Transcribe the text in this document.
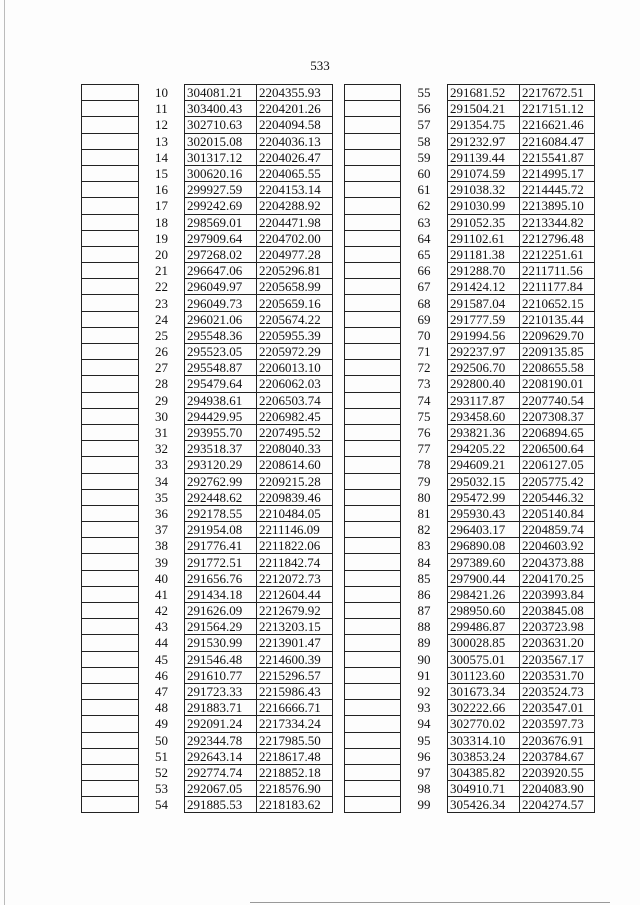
533
	10	304081.21	2204355.93
	11	303400.43	2204201.26
	12	302710.63	2204094.58
	13	302015.08	2204036.13
	14	301317.12	2204026.47
	15	300620.16	2204065.55
	16	299927.59	2204153.14
	17	299242.69	2204288.92
	18	298569.01	2204471.98
	19	297909.64	2204702.00
	20	297268.02	2204977.28
	21	296647.06	2205296.81
	22	296049.97	2205658.99
	23	296049.73	2205659.16
	24	296021.06	2205674.22
	25	295548.36	2205955.39
	26	295523.05	2205972.29
	27	295548.87	2206013.10
	28	295479.64	2206062.03
	29	294938.61	2206503.74
	30	294429.95	2206982.45
	31	293955.70	2207495.52
	32	293518.37	2208040.33
	33	293120.29	2208614.60
	34	292762.99	2209215.28
	35	292448.62	2209839.46
	36	292178.55	2210484.05
	37	291954.08	2211146.09
	38	291776.41	2211822.06
	39	291772.51	2211842.74
	40	291656.76	2212072.73
	41	291434.18	2212604.44
	42	291626.09	2212679.92
	43	291564.29	2213203.15
	44	291530.99	2213901.47
	45	291546.48	2214600.39
	46	291610.77	2215296.57
	47	291723.33	2215986.43
	48	291883.71	2216666.71
	49	292091.24	2217334.24
	50	292344.78	2217985.50
	51	292643.14	2218617.48
	52	292774.74	2218852.18
	53	292067.05	2218576.90
	54	291885.53	2218183.62
	55	291681.52	2217672.51
	56	291504.21	2217151.12
	57	291354.75	2216621.46
	58	291232.97	2216084.47
	59	291139.44	2215541.87
	60	291074.59	2214995.17
	61	291038.32	2214445.72
	62	291030.99	2213895.10
	63	291052.35	2213344.82
	64	291102.61	2212796.48
	65	291181.38	2212251.61
	66	291288.70	2211711.56
	67	291424.12	2211177.84
	68	291587.04	2210652.15
	69	291777.59	2210135.44
	70	291994.56	2209629.70
	71	292237.97	2209135.85
	72	292506.70	2208655.58
	73	292800.40	2208190.01
	74	293117.87	2207740.54
	75	293458.60	2207308.37
	76	293821.36	2206894.65
	77	294205.22	2206500.64
	78	294609.21	2206127.05
	79	295032.15	2205775.42
	80	295472.99	2205446.32
	81	295930.43	2205140.84
	82	296403.17	2204859.74
	83	296890.08	2204603.92
	84	297389.60	2204373.88
	85	297900.44	2204170.25
	86	298421.26	2203993.84
	87	298950.60	2203845.08
	88	299486.87	2203723.98
	89	300028.85	2203631.20
	90	300575.01	2203567.17
	91	301123.60	2203531.70
	92	301673.34	2203524.73
	93	302222.66	2203547.01
	94	302770.02	2203597.73
	95	303314.10	2203676.91
	96	303853.24	2203784.67
	97	304385.82	2203920.55
	98	304910.71	2204083.90
	99	305426.34	2204274.57
